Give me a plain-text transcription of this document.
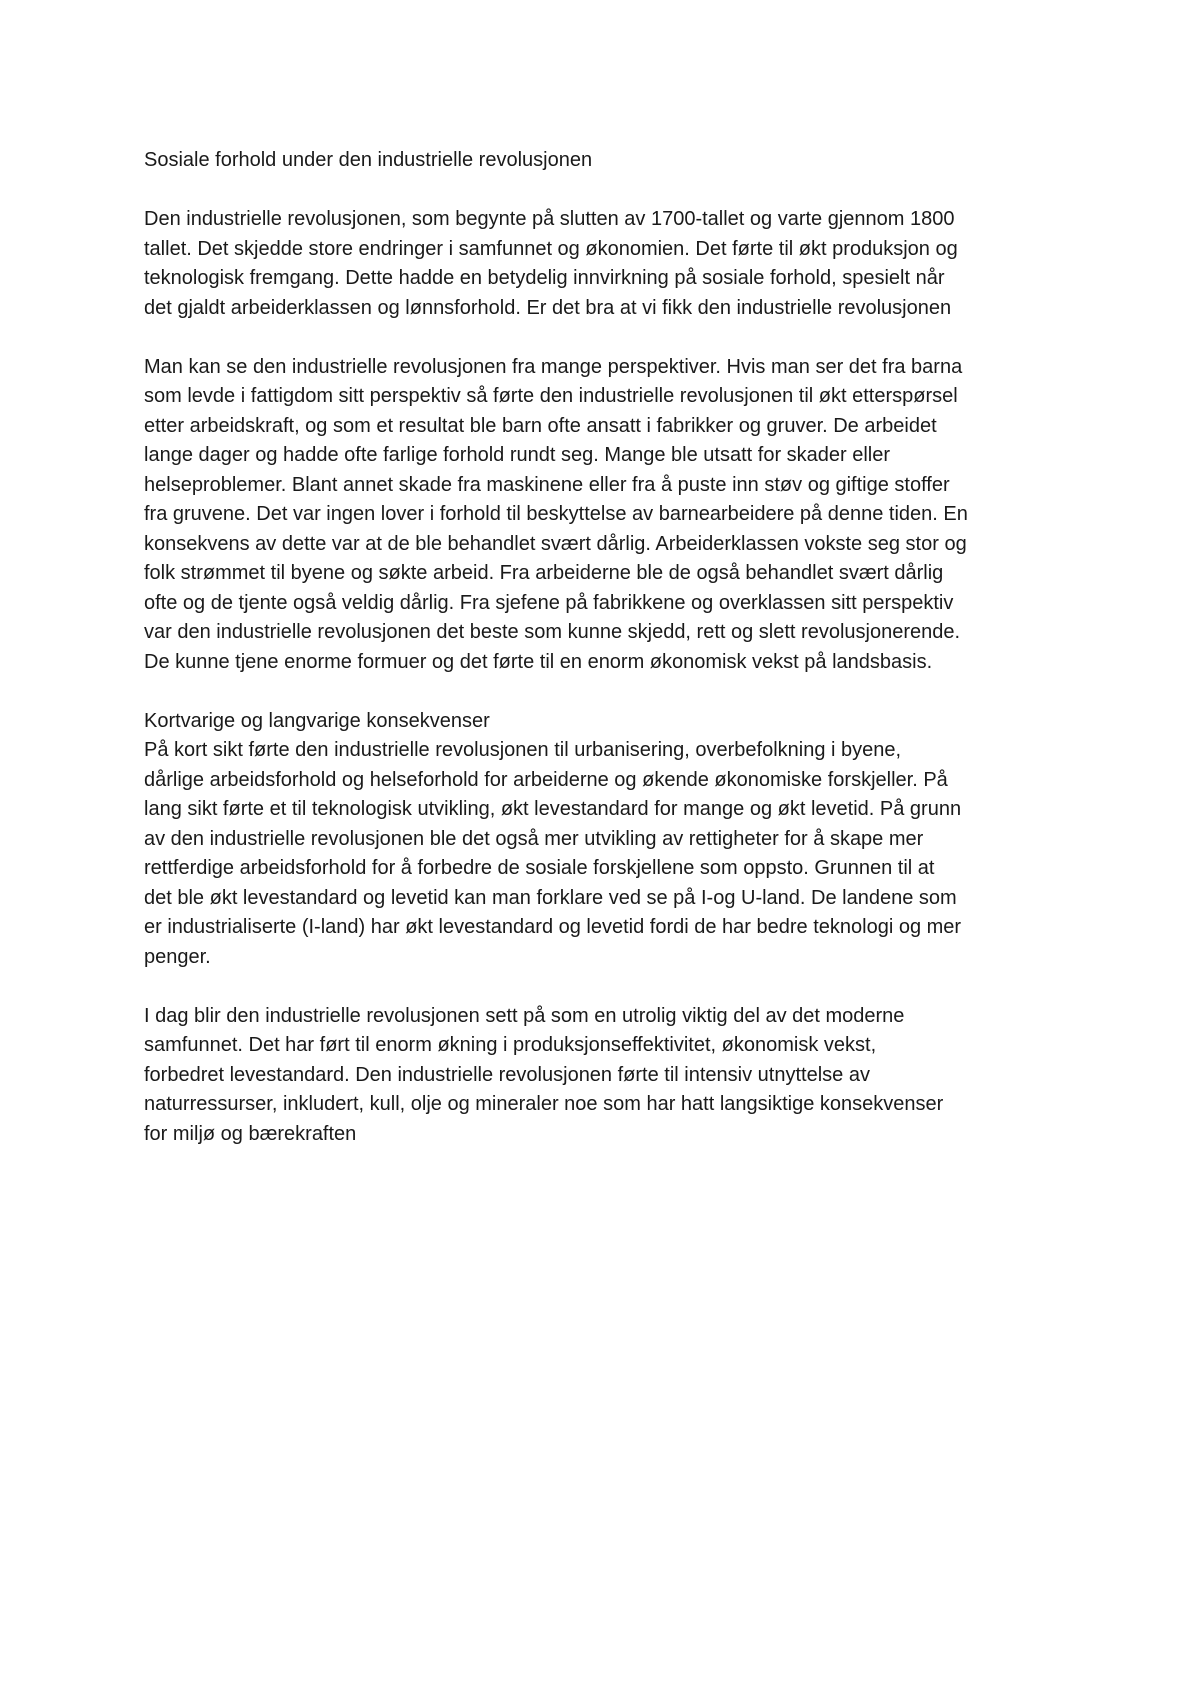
Sosiale forhold under den industrielle revolusjonen

Den industrielle revolusjonen, som begynte på slutten av 1700-tallet og varte gjennom 1800
tallet. Det skjedde store endringer i samfunnet og økonomien. Det førte til økt produksjon og
teknologisk fremgang. Dette hadde en betydelig innvirkning på sosiale forhold, spesielt når
det gjaldt arbeiderklassen og lønnsforhold. Er det bra at vi fikk den industrielle revolusjonen

Man kan se den industrielle revolusjonen fra mange perspektiver. Hvis man ser det fra barna
som levde i fattigdom sitt perspektiv så førte den industrielle revolusjonen til økt etterspørsel
etter arbeidskraft, og som et resultat ble barn ofte ansatt i fabrikker og gruver. De arbeidet
lange dager og hadde ofte farlige forhold rundt seg. Mange ble utsatt for skader eller
helseproblemer. Blant annet skade fra maskinene eller fra å puste inn støv og giftige stoffer
fra gruvene. Det var ingen lover i forhold til beskyttelse av barnearbeidere på denne tiden. En
konsekvens av dette var at de ble behandlet svært dårlig. Arbeiderklassen vokste seg stor og
folk strømmet til byene og søkte arbeid. Fra arbeiderne ble de også behandlet svært dårlig
ofte og de tjente også veldig dårlig. Fra sjefene på fabrikkene og overklassen sitt perspektiv
var den industrielle revolusjonen det beste som kunne skjedd, rett og slett revolusjonerende.
De kunne tjene enorme formuer og det førte til en enorm økonomisk vekst på landsbasis.

Kortvarige og langvarige konsekvenser
På kort sikt førte den industrielle revolusjonen til urbanisering, overbefolkning i byene,
dårlige arbeidsforhold og helseforhold for arbeiderne og økende økonomiske forskjeller. På
lang sikt førte et til teknologisk utvikling, økt levestandard for mange og økt levetid. På grunn
av den industrielle revolusjonen ble det også mer utvikling av rettigheter for å skape mer
rettferdige arbeidsforhold for å forbedre de sosiale forskjellene som oppsto. Grunnen til at
det ble økt levestandard og levetid kan man forklare ved se på I-og U-land. De landene som
er industrialiserte (I-land) har økt levestandard og levetid fordi de har bedre teknologi og mer
penger.

I dag blir den industrielle revolusjonen sett på som en utrolig viktig del av det moderne
samfunnet. Det har ført til enorm økning i produksjonseffektivitet, økonomisk vekst,
forbedret levestandard. Den industrielle revolusjonen førte til intensiv utnyttelse av
naturressurser, inkludert, kull, olje og mineraler noe som har hatt langsiktige konsekvenser
for miljø og bærekraften
